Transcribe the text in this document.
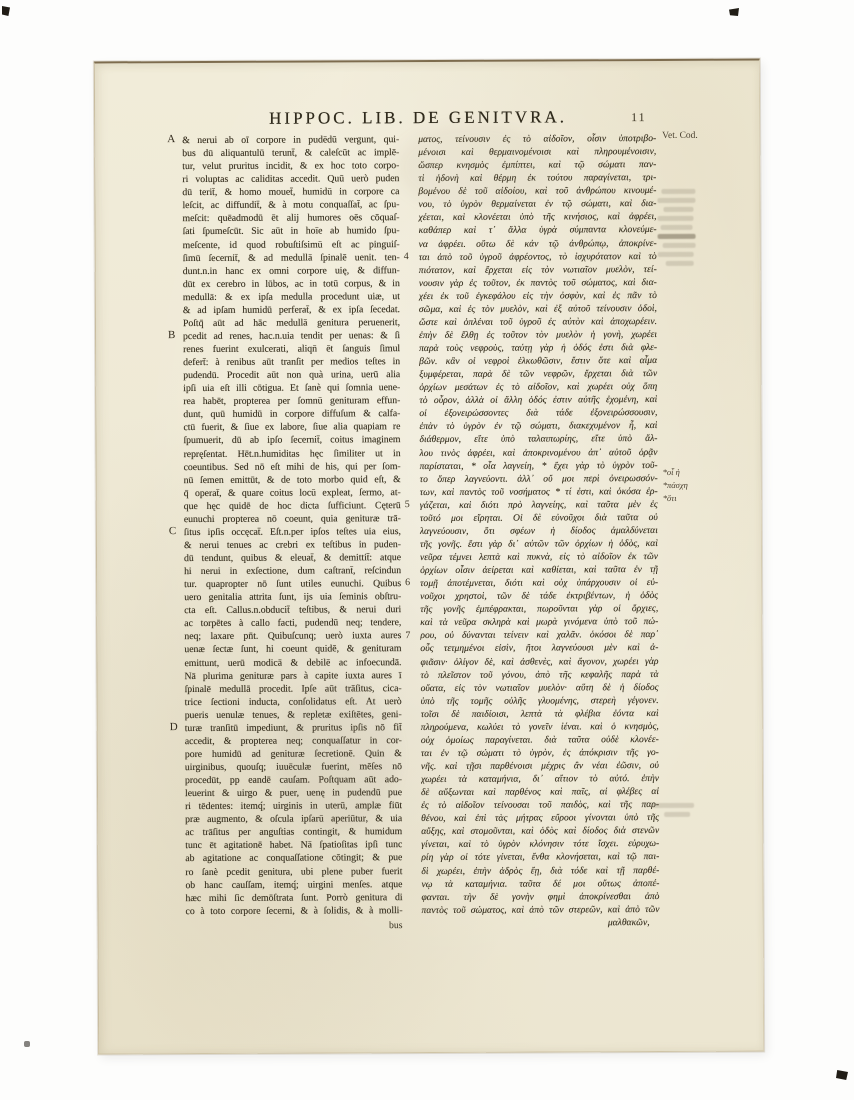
HIPPOC. LIB. DE GENITVRA.	11
Vet. Cod.
& nerui ab oī corpore in pudēdū vergunt, qui-
bus dū aliquantulū terunt̄, & caleſcūt ac implē-
tur, velut pruritus incidit, & ex hoc toto corpo-
ri voluptas ac caliditas accedit. Quū uerò puden
dū terit̄, & homo mouet̄, humidū in corpore ca
leſcit, ac diffundit̄, & à motu conquaſſat̄, ac ſpu-
meſcit: quēadmodū ēt alij humores oēs cōquaſ-
ſati ſpumeſcūt. Sic aūt in hoīe ab humido ſpu-
meſcente, id quod robuſtiſsimū eſt ac pinguiſ-
ſimū ſecernit̄, & ad medullā ſpinalē uenit. ten-
dunt.n.in hanc ex omni corpore uię, & diffun-
dūt ex cerebro in lūbos, ac in totū corpus, & in
medullā: & ex ipſa medulla procedunt uiæ, ut
& ad ipſam humidū perferat̄, & ex ipſa ſecedat.
Poſtq̄ aūt ad hāc medullā genitura peruenerit,
pcedit ad renes, hac.n.uia tendit per uenas: & ſi
renes fuerint exulcerati, aliqn̄ ēt ſanguis ſimul
defert̄: à renibus aūt tranſit per medios teſtes in
pudendū. Procedit aūt non quà urina, uerū alia
ipſi uia eſt illi cōtigua. Et ſanè qui ſomnia uene-
rea habēt, propterea per ſomnū genituram effun-
dunt, quū humidū in corpore diffuſum & calfa-
ctū fuerit, & ſiue ex labore, ſiue alia quapiam re
ſpumuerit, dū ab ipſo ſecernit̄, coitus imaginem
repręſentat. Hēt.n.humiditas hęc ſimiliter ut in
coeuntibus. Sed nō eſt mihi de his, qui per ſom-
nū ſemen emittūt, & de toto morbo quid eſt, &
q̄ operat̄, & quare coitus locū expleat, ſermo, at-
que hęc quidē de hoc dicta ſufficiunt. Cęterū
eunuchi propterea nō coeunt, quia genituræ trā-
ſitus ipſis occęcat̄. Eſt.n.per ipſos teſtes uia eius,
& nerui tenues ac crebri ex teſtibus in puden-
dū tendunt, quibus & eleuat̄, & demittit̄: atque
hi nerui in exſectione, dum caſtrant̄, reſcindun
tur. quapropter nō ſunt utiles eunuchi. Quibus
uero genitalia attrita ſunt, ijs uia ſeminis obſtru-
cta eſt. Callus.n.obducit̄ teſtibus, & nerui duri
ac torpētes à callo facti, pudendū neq; tendere,
neq; laxare pn̄t. Quibuſcunq; uerò iuxta aures
uenæ ſectæ ſunt, hi coeunt quidē, & genituram
emittunt, uerū modicā & debilē ac infoecundā.
Nā plurima genituræ pars à capite iuxta aures ī
ſpinalē medullā procedit. Ipſe aūt trāſitus, cica-
trice ſectioni inducta, conſolidatus eſt. At uerò
pueris uenulæ tenues, & repletæ exiſtētes, geni-
turæ tranſitū impediunt, & pruritus ipſis nō fit̄
accedit, & propterea neq; conquaſſatur in cor-
pore humidū ad genituræ ſecretionē. Quin &
uirginibus, quouſq; iuuēculæ fuerint, mēſes nō
procedūt, pp eandē cauſam. Poſtquam aūt ado-
leuerint & uirgo & puer, uenę in pudendū pue
ri tēdentes: itemq́; uirginis in uterū, amplæ fiūt
præ augmento, & oſcula ipſarū aperiūtur, & uia
ac trāſitus per anguſtias contingit, & humidum
tunc ēt agitationē habet. Nā ſpatioſitas ipſi tunc
ab agitatione ac conquaſſatione cōtingit; & pue
ro ſanè pcedit genitura, ubi plene puber fuerit
ob hanc cauſſam, itemq́; uirgini menſes. atque
hæc mihi ſic demōſtrata ſunt. Porrò genitura di
co à toto corpore ſecerni, & à ſolidis, & à molli-
ματος, τείνουσιν ἐς τὸ αἰδοῖον, οἷσιν ὑποτριβο-
μένοισι καὶ θερμαινομένοισι καὶ πληρουμένοισιν,
ὥσπερ κνησμὸς ἐμπίπτει, καὶ τῷ σώματι παν-
τὶ ἡδονὴ καὶ θέρμη ἐκ τούτου παραγίνεται, τρι-
βομένου δὲ τοῦ αἰδοίου, καὶ τοῦ ἀνθρώπου κινουμέ-
νου, τὸ ὑγρὸν θερμαίνεται ἐν τῷ σώματι, καὶ δια-
χέεται, καὶ κλονέεται ὑπὸ τῆς κινήσιος, καὶ ἀφρέει,
καθάπερ καὶ τ᾽ ἄλλα ὑγρὰ σύμπαντα κλονεύμε-
να ἀφρέει. οὕτω δὲ κἀν τῷ ἀνθρώπῳ, ἀποκρίνε-
ται ἀπὸ τοῦ ὑγροῦ ἀφρέοντος, τὸ ἰσχυρότατον καὶ τὸ
πιότατον, καὶ ἔρχεται εἰς τὸν νωτιαῖον μυελὸν, τεί-
νουσιν γὰρ ἐς τοῦτον, ἐκ παντὸς τοῦ σώματος, καὶ δια-
χέει ἐκ τοῦ ἐγκεφάλου εἰς τὴν ὀσφὺν, καὶ ἐς πᾶν τὸ
σῶμα, καὶ ἐς τὸν μυελὸν, καὶ ἐξ αὐτοῦ τείνουσιν ὁδοὶ,
ὥστε καὶ ὁπλέναι τοῦ ὑγροῦ ἐς αὐτὸν καὶ ἀποχωρέειν.
ἐπὴν δὲ ἔλθῃ ἐς τοῦτον τὸν μυελὸν ἡ γονὴ, χωρέει
παρὰ τοὺς νεφροὺς, ταύτῃ γὰρ ἡ ὁδός ἐστι διὰ φλε-
βῶν. κἂν οἱ νεφροὶ ἑλκωθῶσιν, ἔστιν ὅτε καὶ αἷμα
ξυμφέρεται, παρὰ δὲ τῶν νεφρῶν, ἔρχεται διὰ τῶν
ὀρχίων μεσάτων ἐς τὸ αἰδοῖον, καὶ χωρέει οὐχ ὅπη
τὸ οὖρον, ἀλλὰ οἱ ἄλλη ὁδός ἐστιν αὐτῆς ἐχομένη, καὶ
οἱ ἐξονειρώσσοντες διὰ τάδε ἐξονειρώσσουσιν,
ἐπὰν τὸ ὑγρὸν ἐν τῷ σώματι, διακεχυμένον ἦ, καὶ
διάθερμον, εἴτε ὑπὸ ταλαιπωρίης, εἴτε ὑπὸ ἄλ-
λου τινὸς ἀφρέει, καὶ ἀποκρινομένου ἀπ᾽ αὐτοῦ ὁρᾷν
παρίσταται, * οἷα λαγνείη, * ἔχει γὰρ τὸ ὑγρὸν τοῦ-
το ὅπερ λαγνεύοντι. ἀλλ᾽ οὔ μοι περὶ ὀνειρωσσόν-
των, καὶ παντὸς τοῦ νοσήματος * τί ἐστι, καὶ ὁκόσα ἐρ-
γάζεται, καὶ διότι πρὸ λαγνείης, καὶ ταῦτα μὲν ἐς
τοῦτό μοι εἴρηται. Οἱ δὲ εὐνοῦχοι διὰ ταῦτα οὐ
λαγνεύουσιν, ὅτι σφέων ἡ δίοδος ἀμαλδύνεται
τῆς γονῆς. ἔστι γὰρ δι᾽ αὐτῶν τῶν ὀρχίων ἡ ὁδὸς, καὶ
νεῦρα τέμνει λεπτὰ καὶ πυκνὰ, εἰς τὸ αἰδοῖον ἐκ τῶν
ὀρχίων οἷσιν ἀείρεται καὶ καθίεται, καὶ ταῦτα ἐν τῇ
τομῇ ἀποτέμνεται, διότι καὶ οὐχ ὑπάρχουσιν οἱ εὐ-
νοῦχοι χρηστοὶ, τῶν δὲ τάδε ἐκτριβέντων, ἡ ὁδὸς
τῆς γονῆς ἐμπέφρακται, πωροῦνται γὰρ οἱ ὄρχιες,
καὶ τὰ νεῦρα σκληρὰ καὶ μωρὰ γινόμενα ὑπὸ τοῦ πώ-
ρου, οὐ δύνανται τείνειν καὶ χαλᾶν. ὁκόσοι δὲ παρ᾽
οὖς τετμημένοι εἰσὶν, ἤτοι λαγνεύουσι μὲν καὶ ἀ-
φιᾶσιν· ὀλίγον δὲ, καὶ ἀσθενὲς, καὶ ἄγονον, χωρέει γὰρ
τὸ πλεῖστον τοῦ γόνου, ἀπὸ τῆς κεφαλῆς παρὰ τὰ
οὔατα, εἰς τὸν νωτιαῖον μυελὸν· αὕτη δὲ ἡ δίοδος
ὑπὸ τῆς τομῆς οὐλῆς γλυομένης, στερεὴ γέγονεν.
τοῖσι δὲ παιδίοισι, λεπτὰ τὰ φλέβια ἐόντα καὶ
πληρούμενα, κωλύει τὸ γονεῖν ἰέναι. καὶ ὁ κνησμὸς,
οὐχ ὁμοίως παραγίνεται. διὰ ταῦτα οὐδὲ κλονέε-
ται ἐν τῷ σώματι τὸ ὑγρὸν, ἐς ἀπόκρισιν τῆς γο-
νῆς. καὶ τῇσι παρθένοισι μέχρις ἂν νέαι ἐῶσιν, οὐ
χωρέει τὰ καταμήνια, δι᾽ αἴτιον τὸ αὐτό. ἐπὴν
δὲ αὔξωνται καὶ παρθένος καὶ παῖς, αἱ φλέβες αἱ
ἐς τὸ αἰδοῖον τείνουσαι τοῦ παιδὸς, καὶ τῆς παρ-
θένου, καὶ ἐπὶ τὰς μήτρας εὔροοι γίνονται ὑπὸ τῆς
αὔξης, καὶ στομοῦνται, καὶ ὁδὸς καὶ δίοδος διὰ στενῶν
γίνεται, καὶ τὸ ὑγρὸν κλόνησιν τότε ἴσχει. εὐρυχω-
ρίη γὰρ οἱ τότε γίνεται, ἔνθα κλονήσεται, καὶ τῷ παι-
δὶ χωρέει, ἐπὴν ἁδρὸς ἔῃ, διὰ τόδε καὶ τῇ παρθέ-
νῳ τὰ καταμήνια. ταῦτα δέ μοι οὕτως ἀποπέ-
φανται. τὴν δὲ γονὴν φημὶ ἀποκρίνεσθαι ἀπὸ
παντὸς τοῦ σώματος, καὶ ἀπὸ τῶν στερεῶν, καὶ ἀπὸ τῶν
μαλθακῶν,
bus
A
B
C
D
4
5
6
7
*οἷ ἡ
*πάσχη
*ὅτι
